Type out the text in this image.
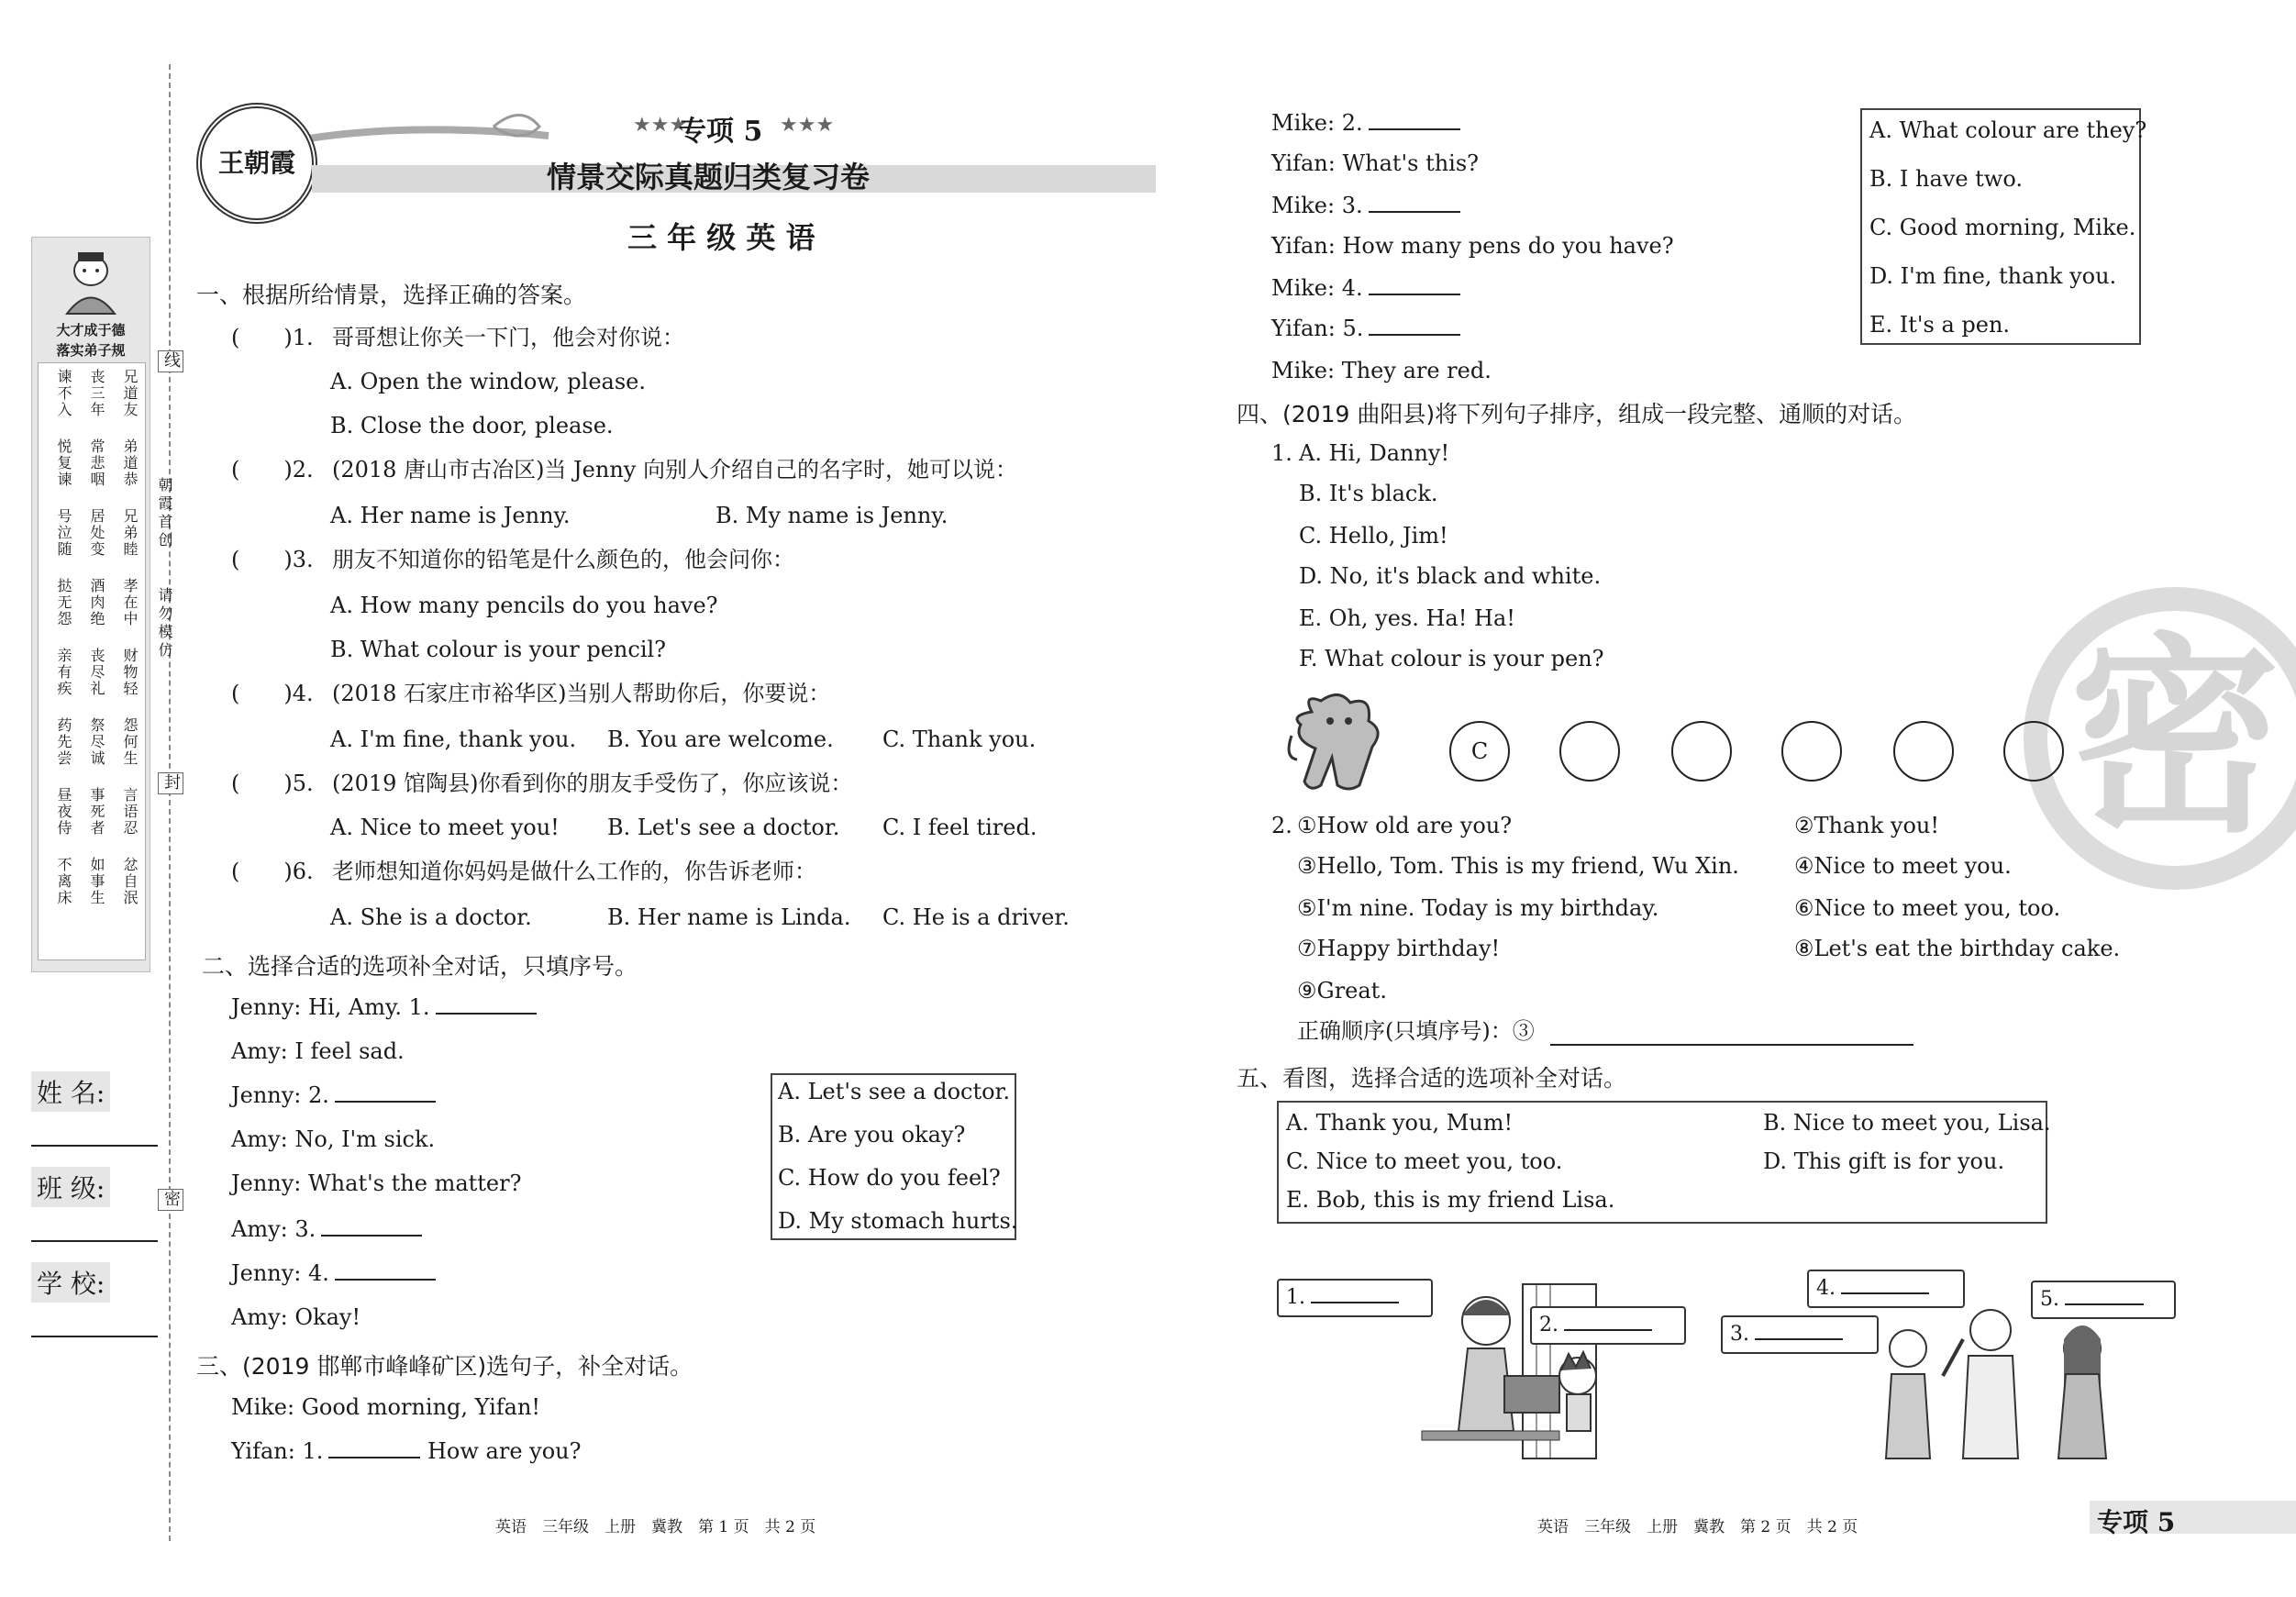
大才成于德
落实弟子规
兄道友
弟道恭
兄弟睦
孝在中
财物轻
怨何生
言语忍
忿自泯
丧三年
常悲咽
居处变
酒肉绝
丧尽礼
祭尽诚
事死者
如事生
谏不入
悦复谏
号泣随
挞无怨
亲有疾
药先尝
昼夜侍
不离床
线
朝霞首创
请勿模仿
封
密
姓 名:
班 级:
学 校:
王朝霞
★★★
专项 5 ★★★
情景交际真题归类复习卷
三 年 级 英 语
一、根据所给情景，选择正确的答案。
(　　)1. 哥哥想让你关一下门，他会对你说：
A. Open the window, please.
B. Close the door, please.
(　　)2. (2018 唐山市古冶区)当 Jenny 向别人介绍自己的名字时，她可以说：
A. Her name is Jenny.	B. My name is Jenny.
(　　)3. 朋友不知道你的铅笔是什么颜色的，他会问你：
A. How many pencils do you have?
B. What colour is your pencil?
(　　)4. (2018 石家庄市裕华区)当别人帮助你后，你要说：
A. I'm fine, thank you. B. You are welcome. C. Thank you.
(　　)5. (2019 馆陶县)你看到你的朋友手受伤了，你应该说：
A. Nice to meet you! B. Let's see a doctor. C. I feel tired.
(　　)6. 老师想知道你妈妈是做什么工作的，你告诉老师：
A. She is a doctor.	B. Her name is Linda. C. He is a driver.
二、选择合适的选项补全对话，只填序号。
Jenny: Hi, Amy. 1.
Amy: I feel sad.
Jenny: 2.
Amy: No, I'm sick.
Jenny: What's the matter?
Amy: 3.
Jenny: 4.
Amy: Okay!
A. Let's see a doctor.
B. Are you okay?
C. How do you feel?
D. My stomach hurts.
三、(2019 邯郸市峰峰矿区)选句子，补全对话。
Mike: Good morning, Yifan!
Yifan: 1.	How are you?
英语　三年级　上册　冀教　第 1 页　共 2 页
Mike: 2.
Yifan: What's this?
Mike: 3.
Yifan: How many pens do you have?
Mike: 4.
Yifan: 5.
Mike: They are red.
A. What colour are they?
B. I have two.
C. Good morning, Mike.
D. I'm fine, thank you.
E. It's a pen.
密
四、(2019 曲阳县)将下列句子排序，组成一段完整、通顺的对话。
1. A. Hi, Danny!
B. It's black.
C. Hello, Jim!
D. No, it's black and white.
E. Oh, yes. Ha! Ha!
F. What colour is your pen?
C
2. ①How old are you?	②Thank you!
③Hello, Tom. This is my friend, Wu Xin.	④Nice to meet you.
⑤I'm nine. Today is my birthday.	⑥Nice to meet you, too.
⑦Happy birthday!	⑧Let's eat the birthday cake.
⑨Great.
正确顺序(只填序号)：③
五、看图，选择合适的选项补全对话。
A. Thank you, Mum!	B. Nice to meet you, Lisa.
C. Nice to meet you, too.	D. This gift is for you.
E. Bob, this is my friend Lisa.
1.
2.	3.
4.	5.
英语　三年级　上册　冀教　第 2 页　共 2 页	专项 5
